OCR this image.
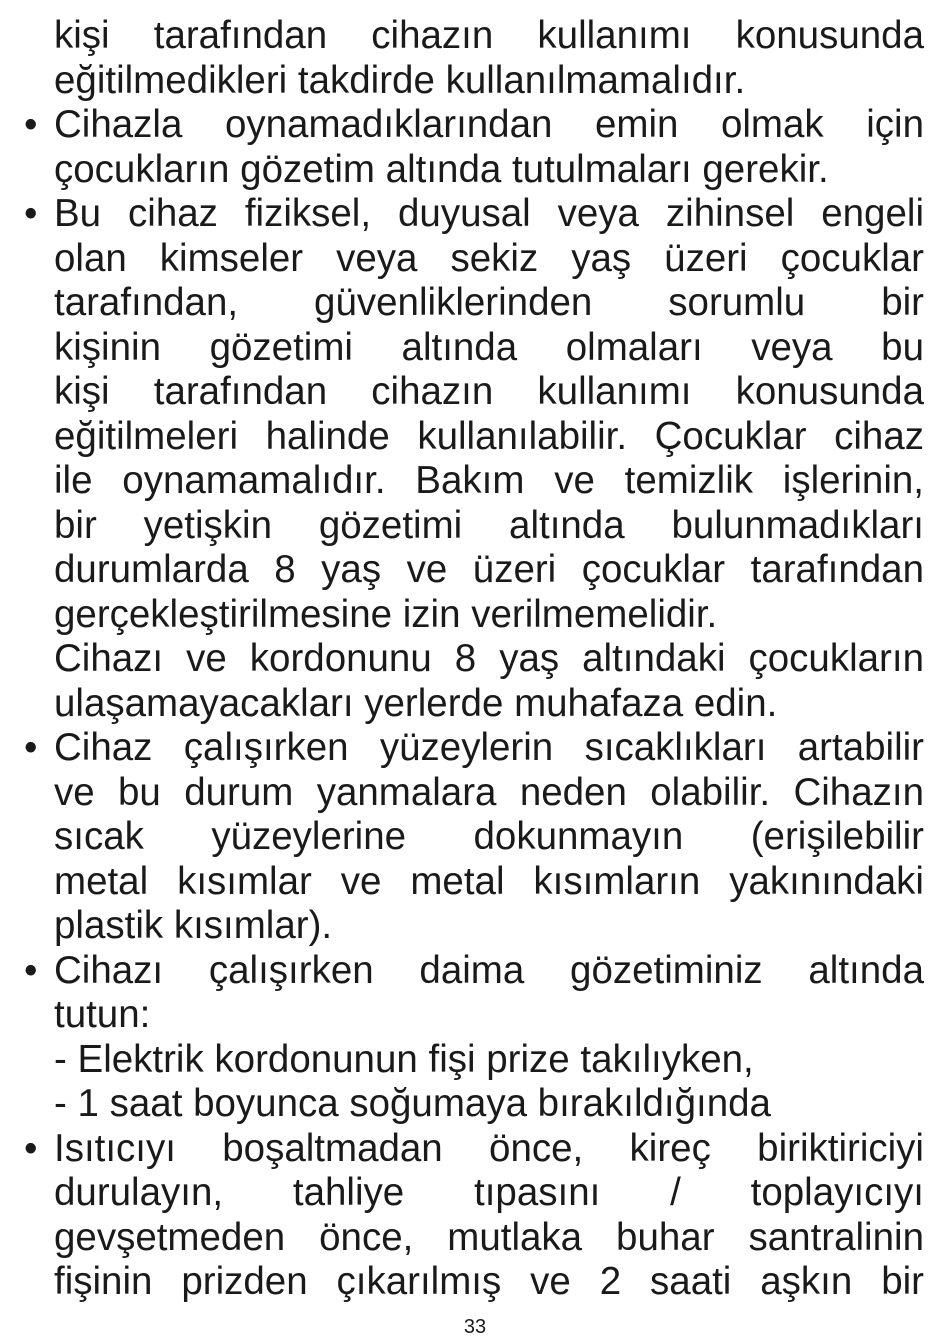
kişi tarafından cihazın kullanımı konusunda
eğitilmedikleri takdirde kullanılmamalıdır.
• Cihazla oynamadıklarından emin olmak için
çocukların gözetim altında tutulmaları gerekir.
• Bu cihaz fiziksel, duyusal veya zihinsel engeli
olan kimseler veya sekiz yaş üzeri çocuklar
tarafından, güvenliklerinden sorumlu bir
kişinin gözetimi altında olmaları veya bu
kişi tarafından cihazın kullanımı konusunda
eğitilmeleri halinde kullanılabilir. Çocuklar cihaz
ile oynamamalıdır. Bakım ve temizlik işlerinin,
bir yetişkin gözetimi altında bulunmadıkları
durumlarda 8 yaş ve üzeri çocuklar tarafından
gerçekleştirilmesine izin verilmemelidir.
Cihazı ve kordonunu 8 yaş altındaki çocukların
ulaşamayacakları yerlerde muhafaza edin.
• Cihaz çalışırken yüzeylerin sıcaklıkları artabilir
ve bu durum yanmalara neden olabilir. Cihazın
sıcak yüzeylerine dokunmayın (erişilebilir
metal kısımlar ve metal kısımların yakınındaki
plastik kısımlar).
• Cihazı çalışırken daima gözetiminiz altında
tutun:
- Elektrik kordonunun fişi prize takılıyken,
- 1 saat boyunca soğumaya bırakıldığında
• Isıtıcıyı boşaltmadan önce, kireç biriktiriciyi
durulayın, tahliye tıpasını / toplayıcıyı
gevşetmeden önce, mutlaka buhar santralinin
fişinin prizden çıkarılmış ve 2 saati aşkın bir
33
